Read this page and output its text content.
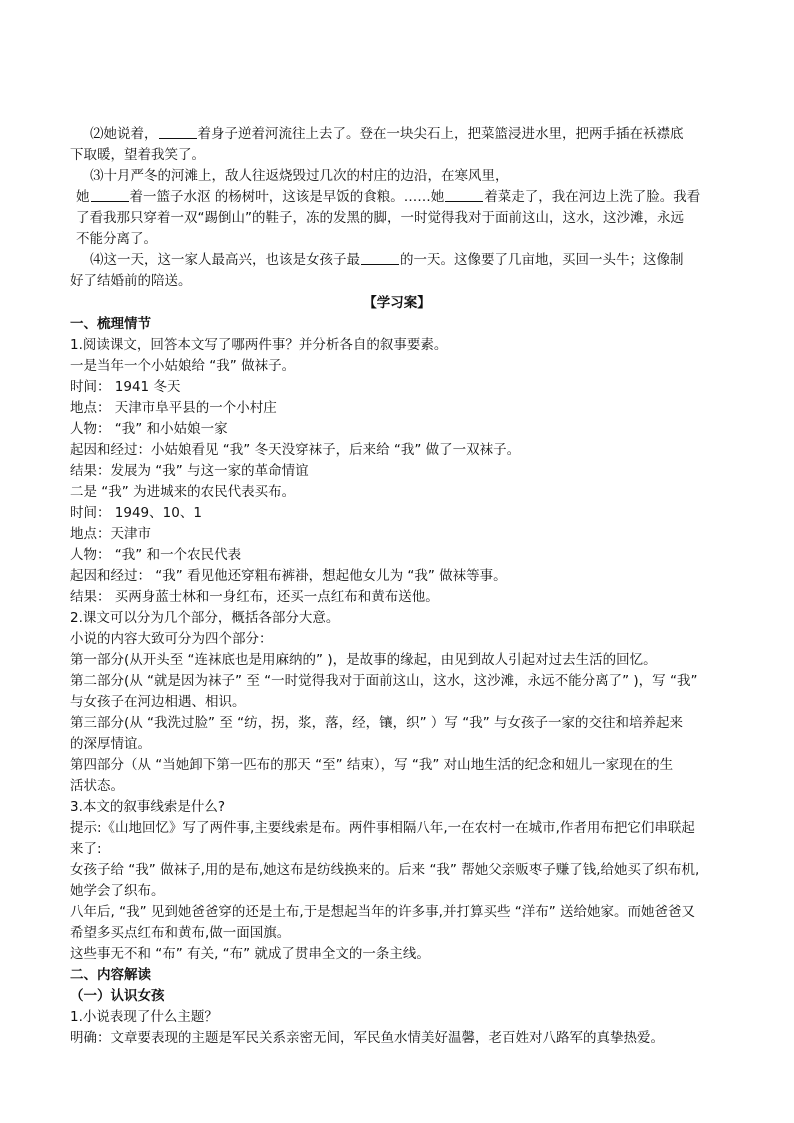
⑵她说着，	着身子逆着河流往上去了。登在一块尖石上，把菜篮浸进水里，把两手插在袄襟底
下取暖，望着我笑了。
⑶十月严冬的河滩上，敌人往返烧毁过几次的村庄的边沿，在寒风里，
她	着一篮子水沤 的杨树叶，这该是早饭的食粮。……她	着菜走了，我在河边上洗了脸。我看
了看我那只穿着一双“踢倒山”的鞋子，冻的发黑的脚，一时觉得我对于面前这山，这水，这沙滩，永远
不能分离了。
⑷这一天，这一家人最高兴，也该是女孩子最	的一天。这像要了几亩地，买回一头牛；这像制
好了结婚前的陪送。
【学习案】
一、梳理情节
1.阅读课文，回答本文写了哪两件事？并分析各自的叙事要素。
一是当年一个小姑娘给 “我” 做袜子。
时间： 1941 冬天
地点： 天津市阜平县的一个小村庄
人物： “我” 和小姑娘一家
起因和经过：小姑娘看见 “我” 冬天没穿袜子，后来给 “我” 做了一双袜子。
结果：发展为 “我” 与这一家的革命情谊
二是 “我” 为进城来的农民代表买布。
时间： 1949、10、1
地点：天津市
人物： “我” 和一个农民代表
起因和经过： “我” 看见他还穿粗布裤褂，想起他女儿为 “我” 做袜等事。
结果： 买两身蓝士林和一身红布，还买一点红布和黄布送他。
2.课文可以分为几个部分，概括各部分大意。
小说的内容大致可分为四个部分：
第一部分(从开头至 “连袜底也是用麻纳的” )，是故事的缘起，由见到故人引起对过去生活的回忆。
第二部分(从 “就是因为袜子” 至 “一时觉得我对于面前这山，这水，这沙滩，永远不能分离了” )，写 “我”
与女孩子在河边相遇、相识。
第三部分(从 “我洗过脸” 至 “纺，拐，浆，落，经，镶，织” ）写 “我” 与女孩子一家的交往和培养起来
的深厚情谊。
第四部分（从 “当她卸下第一匹布的那天 “至” 结束），写 “我” 对山地生活的纪念和妞儿一家现在的生
活状态。
3.本文的叙事线索是什么?
提示:《山地回忆》写了两件事,主要线索是布。两件事相隔八年,一在农村一在城市,作者用布把它们串联起
来了:
女孩子给 “我” 做袜子,用的是布,她这布是纺线换来的。后来 “我” 帮她父亲贩枣子赚了钱,给她买了织布机,
她学会了织布。
八年后, “我” 见到她爸爸穿的还是土布,于是想起当年的许多事,并打算买些 “洋布” 送给她家。而她爸爸又
希望多买点红布和黄布,做一面国旗。
这些事无不和 “布” 有关, “布” 就成了贯串全文的一条主线。
二、内容解读
（一）认识女孩
1.小说表现了什么主题？
明确：文章要表现的主题是军民关系亲密无间，军民鱼水情美好温馨，老百姓对八路军的真挚热爱。
